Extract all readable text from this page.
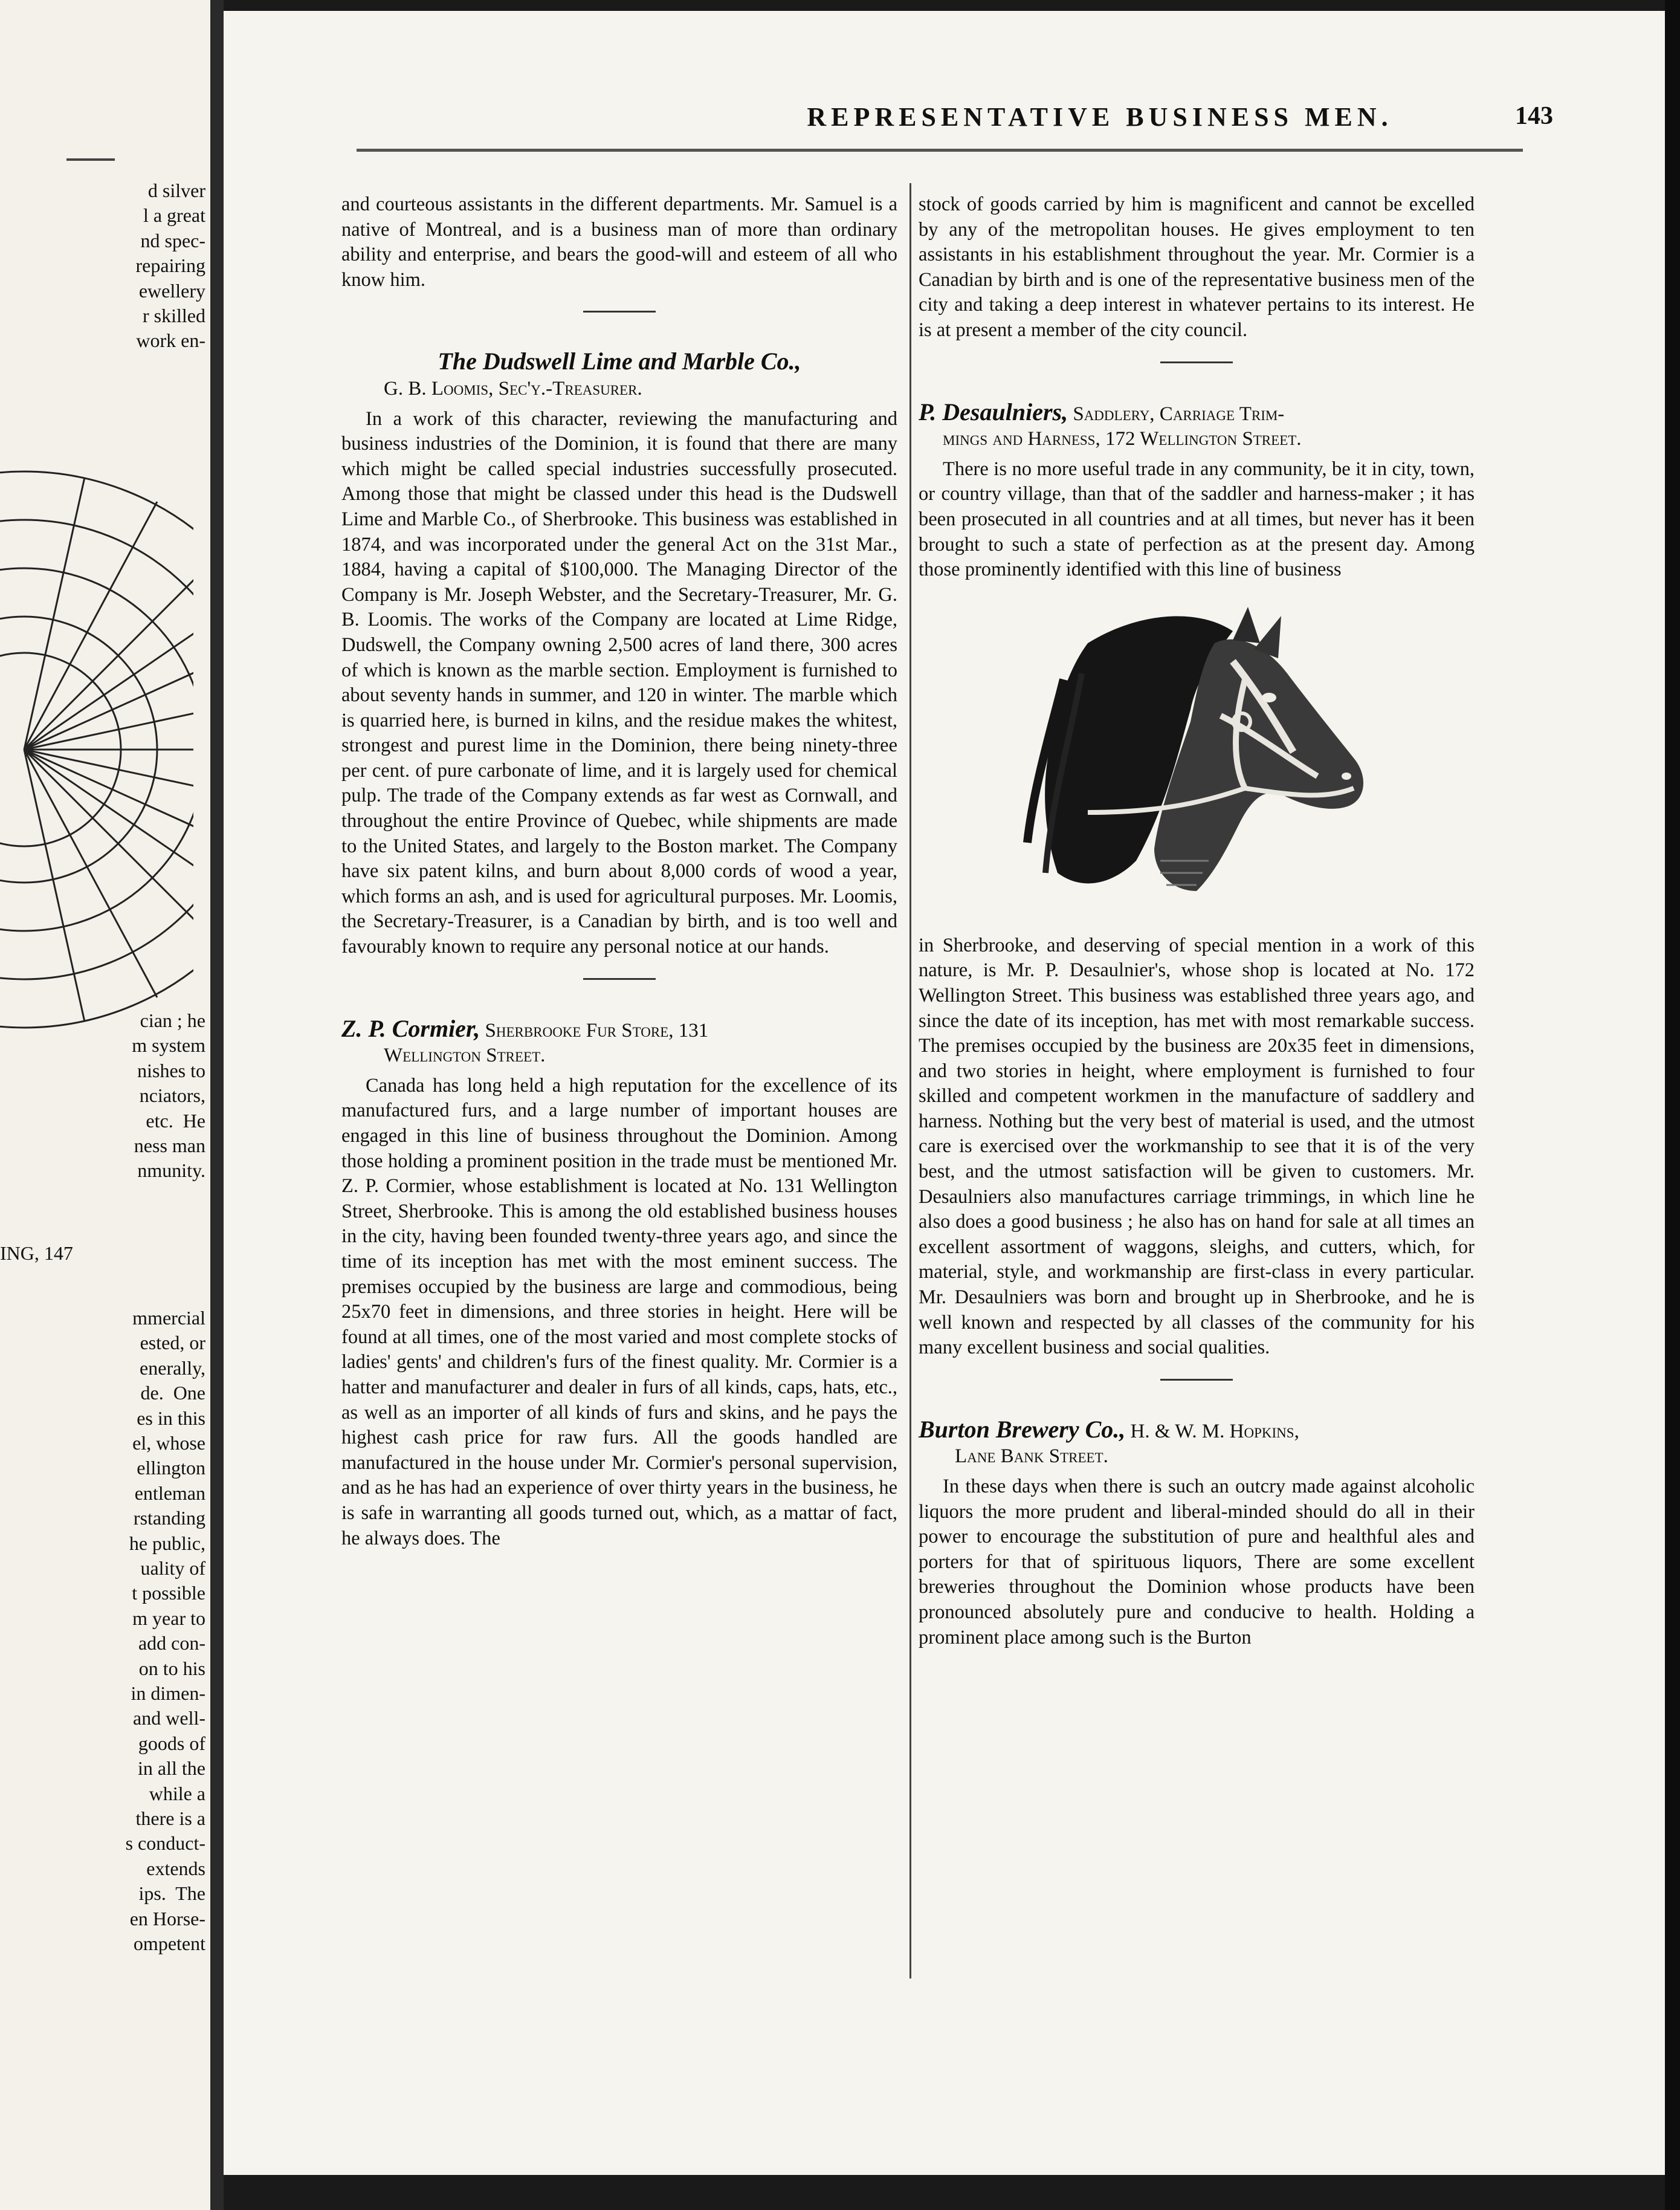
d silver
l a great
nd spec-
repairing
ewellery
r skilled
work en-
cian ; he
m system
nishes to
nciators,
etc.  He
ness man
nmunity.
ING, 147
mmercial
ested, or
enerally,
de.  One
es in this
el, whose
ellington
entleman
rstanding
he public,
uality of
t possible
m year to
add con-
on to his
in dimen-
and well-
goods of
in all the
while a
there is a
s conduct-
extends
ips.  The
en Horse-
ompetent
REPRESENTATIVE BUSINESS MEN.	143

and courteous assistants in the different departments. Mr. Samuel is a native of Montreal, and is a business man of more than ordinary ability and enterprise, and bears the good-will and esteem of all who know him.

The Dudswell Lime and Marble Co.,
G. B. Loomis, Sec'y.-Treasurer.

In a work of this character, reviewing the manufacturing and business industries of the Dominion, it is found that there are many which might be called special industries successfully prosecuted. Among those that might be classed under this head is the Dudswell Lime and Marble Co., of Sherbrooke. This business was established in 1874, and was incorporated under the general Act on the 31st Mar., 1884, having a capital of $100,000. The Managing Director of the Company is Mr. Joseph Webster, and the Secretary-Treasurer, Mr. G. B. Loomis. The works of the Company are located at Lime Ridge, Dudswell, the Company owning 2,500 acres of land there, 300 acres of which is known as the marble section. Employment is furnished to about seventy hands in summer, and 120 in winter. The marble which is quarried here, is burned in kilns, and the residue makes the whitest, strongest and purest lime in the Dominion, there being ninety-three per cent. of pure carbonate of lime, and it is largely used for chemical pulp. The trade of the Company extends as far west as Cornwall, and throughout the entire Province of Quebec, while shipments are made to the United States, and largely to the Boston market. The Company have six patent kilns, and burn about 8,000 cords of wood a year, which forms an ash, and is used for agricultural purposes. Mr. Loomis, the Secretary-Treasurer, is a Canadian by birth, and is too well and favourably known to require any personal notice at our hands.

Z. P. Cormier, Sherbrooke Fur Store, 131
Wellington Street.

Canada has long held a high reputation for the excellence of its manufactured furs, and a large number of important houses are engaged in this line of business throughout the Dominion. Among those holding a prominent position in the trade must be mentioned Mr. Z. P. Cormier, whose establishment is located at No. 131 Wellington Street, Sherbrooke. This is among the old established business houses in the city, having been founded twenty-three years ago, and since the time of its inception has met with the most eminent success. The premises occupied by the business are large and commodious, being 25x70 feet in dimensions, and three stories in height. Here will be found at all times, one of the most varied and most complete stocks of ladies' gents' and children's furs of the finest quality. Mr. Cormier is a hatter and manufacturer and dealer in furs of all kinds, caps, hats, etc., as well as an importer of all kinds of furs and skins, and he pays the highest cash price for raw furs. All the goods handled are manufactured in the house under Mr. Cormier's personal supervision, and as he has had an experience of over thirty years in the business, he is safe in warranting all goods turned out, which, as a mattar of fact, he always does. The

stock of goods carried by him is magnificent and cannot be excelled by any of the metropolitan houses. He gives employment to ten assistants in his establishment throughout the year. Mr. Cormier is a Canadian by birth and is one of the representative business men of the city and taking a deep interest in whatever pertains to its interest. He is at present a member of the city council.

P. Desaulniers, Saddlery, Carriage Trim-
mings and Harness, 172 Wellington Street.

There is no more useful trade in any community, be it in city, town, or country village, than that of the saddler and harness-maker ; it has been prosecuted in all countries and at all times, but never has it been brought to such a state of perfection as at the present day. Among those prominently identified with this line of business

in Sherbrooke, and deserving of special mention in a work of this nature, is Mr. P. Desaulnier's, whose shop is located at No. 172 Wellington Street. This business was established three years ago, and since the date of its inception, has met with most remarkable success. The premises occupied by the business are 20x35 feet in dimensions, and two stories in height, where employment is furnished to four skilled and competent workmen in the manufacture of saddlery and harness. Nothing but the very best of material is used, and the utmost care is exercised over the workmanship to see that it is of the very best, and the utmost satisfaction will be given to customers. Mr. Desaulniers also manufactures carriage trimmings, in which line he also does a good business ; he also has on hand for sale at all times an excellent assortment of waggons, sleighs, and cutters, which, for material, style, and workmanship are first-class in every particular. Mr. Desaulniers was born and brought up in Sherbrooke, and he is well known and respected by all classes of the community for his many excellent business and social qualities.

Burton Brewery Co., H. & W. M. Hopkins,
Lane Bank Street.

In these days when there is such an outcry made against alcoholic liquors the more prudent and liberal-minded should do all in their power to encourage the substitution of pure and healthful ales and porters for that of spirituous liquors, There are some excellent breweries throughout the Dominion whose products have been pronounced absolutely pure and conducive to health. Holding a prominent place among such is the Burton
